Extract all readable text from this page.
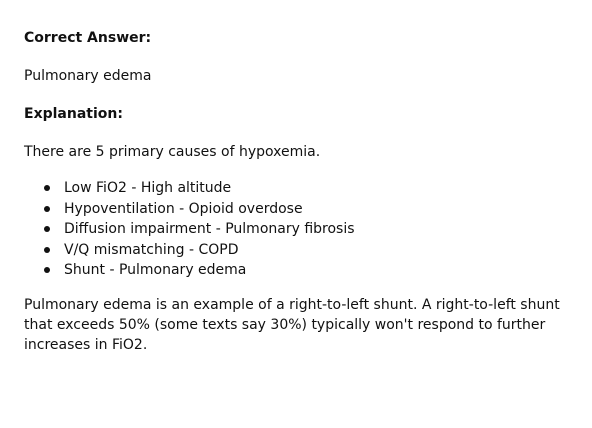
Correct Answer:

Pulmonary edema

Explanation:

There are 5 primary causes of hypoxemia.

Low FiO2 - High altitude
Hypoventilation - Opioid overdose
Diffusion impairment - Pulmonary fibrosis
V/Q mismatching - COPD
Shunt - Pulmonary edema

Pulmonary edema is an example of a right-to-left shunt. A right-to-left shunt that exceeds 50% (some texts say 30%) typically won't respond to further increases in FiO2.
